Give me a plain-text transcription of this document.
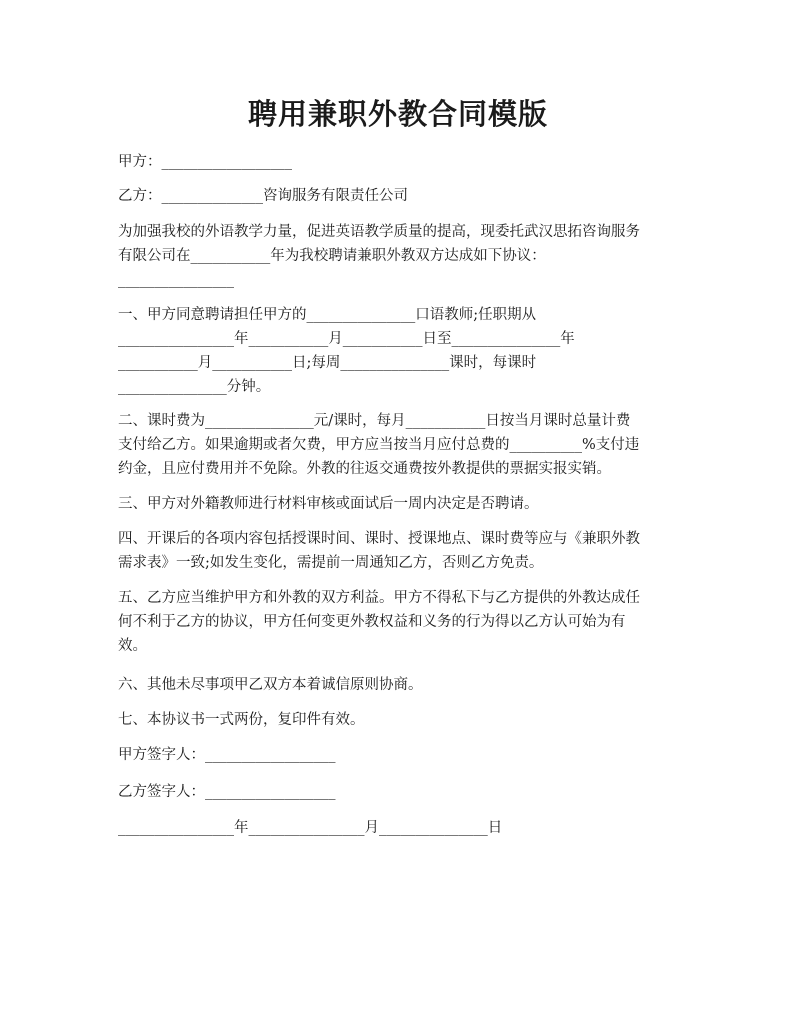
聘用兼职外教合同模版

甲方：__________________

乙方：______________咨询服务有限责任公司

为加强我校的外语教学力量，促进英语教学质量的提高，现委托武汉思拓咨询服务
有限公司在___________年为我校聘请兼职外教双方达成如下协议：
________________

一、甲方同意聘请担任甲方的_______________口语教师;任职期从
________________年___________月___________日至_______________年
___________月___________日;每周_______________课时，每课时
_______________分钟。

二、课时费为_______________元/课时，每月___________日按当月课时总量计费
支付给乙方。如果逾期或者欠费，甲方应当按当月应付总费的__________%支付违
约金，且应付费用并不免除。外教的往返交通费按外教提供的票据实报实销。

三、甲方对外籍教师进行材料审核或面试后一周内决定是否聘请。

四、开课后的各项内容包括授课时间、课时、授课地点、课时费等应与《兼职外教
需求表》一致;如发生变化，需提前一周通知乙方，否则乙方免责。

五、乙方应当维护甲方和外教的双方利益。甲方不得私下与乙方提供的外教达成任
何不利于乙方的协议，甲方任何变更外教权益和义务的行为得以乙方认可始为有
效。

六、其他未尽事项甲乙双方本着诚信原则协商。

七、本协议书一式两份，复印件有效。

甲方签字人：__________________

乙方签字人：__________________

________________年________________月_______________日
